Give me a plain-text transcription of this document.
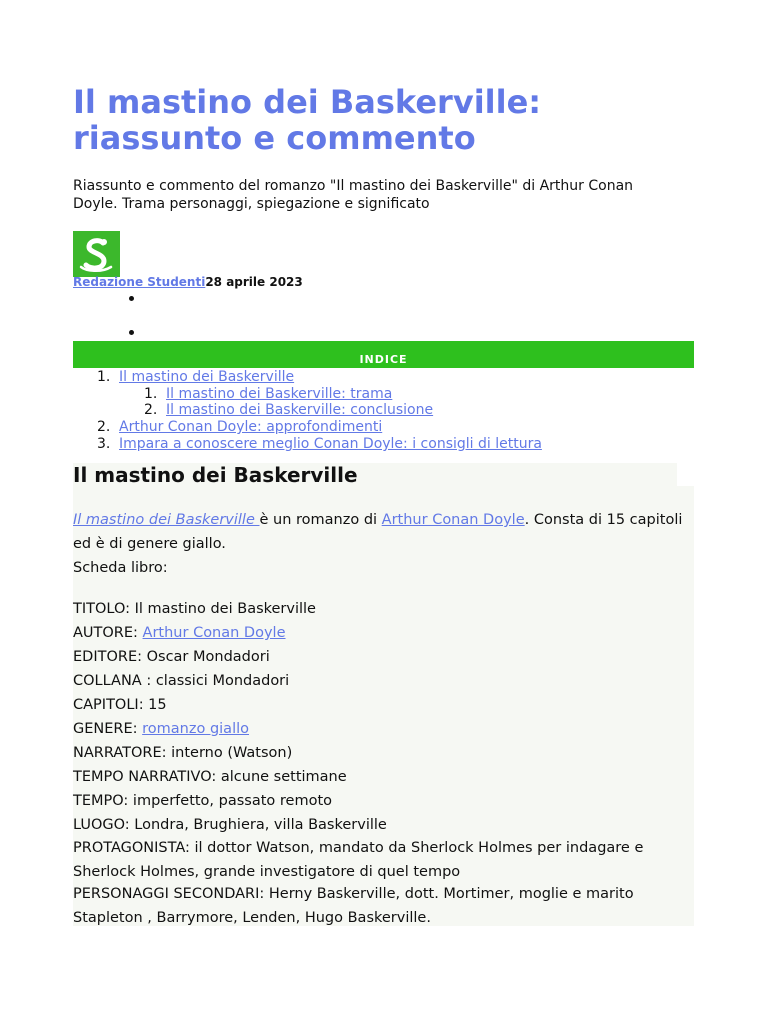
Il mastino dei Baskerville:
riassunto e commento

Riassunto e commento del romanzo "Il mastino dei Baskerville" di Arthur Conan
Doyle. Trama personaggi, spiegazione e significato

Redazione Studenti28 aprile 2023
INDICE
1. Il mastino dei Baskerville
1. Il mastino dei Baskerville: trama
2. Il mastino dei Baskerville: conclusione
2. Arthur Conan Doyle: approfondimenti
3. Impara a conoscere meglio Conan Doyle: i consigli di lettura
Il mastino dei Baskerville

Il mastino dei Baskerville è un romanzo di Arthur Conan Doyle. Consta di 15 capitoli ed è di genere giallo.

Scheda libro:
TITOLO: Il mastino dei Baskerville
AUTORE: Arthur Conan Doyle
EDITORE: Oscar Mondadori
COLLANA : classici Mondadori
CAPITOLI: 15
GENERE: romanzo giallo
NARRATORE: interno (Watson)
TEMPO NARRATIVO: alcune settimane
TEMPO: imperfetto, passato remoto
LUOGO: Londra, Brughiera, villa Baskerville

PROTAGONISTA: il dottor Watson, mandato da Sherlock Holmes per indagare e Sherlock Holmes, grande investigatore di quel tempo

PERSONAGGI SECONDARI: Herny Baskerville, dott. Mortimer, moglie e marito Stapleton , Barrymore, Lenden, Hugo Baskerville.
